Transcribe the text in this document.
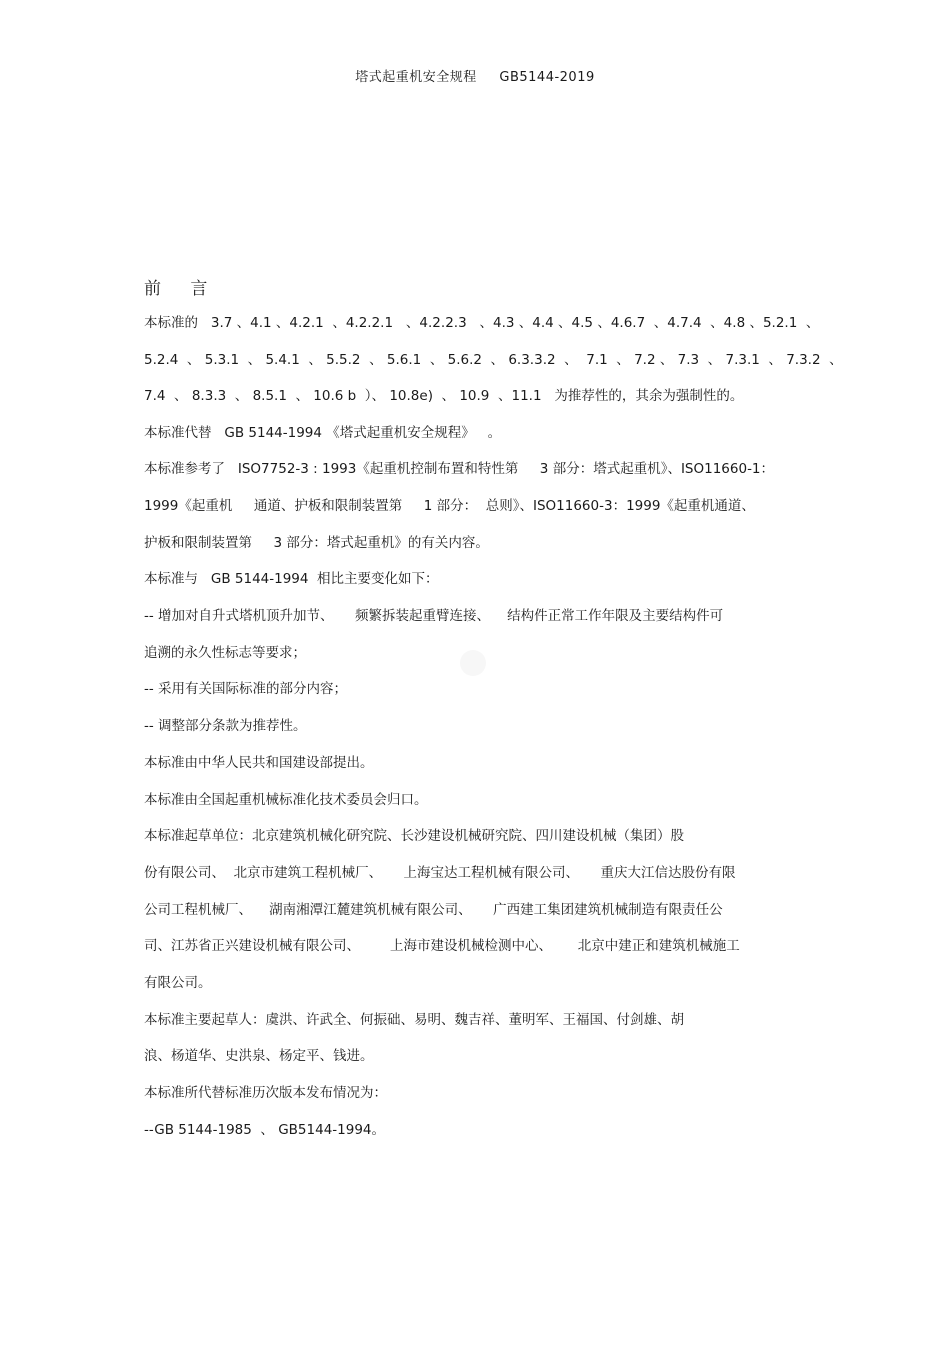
塔式起重机安全规程 GB5144-2019
前 言
本标准的   3.7 、4.1 、4.2.1  、4.2.2.1   、4.2.2.3   、4.3 、4.4 、4.5 、4.6.7  、4.7.4  、4.8 、5.2.1  、
5.2.4  、 5.3.1  、 5.4.1  、 5.5.2  、 5.6.1  、 5.6.2  、 6.3.3.2  、  7.1  、 7.2 、 7.3  、 7.3.1  、 7.3.2  、
7.4  、 8.3.3  、 8.5.1  、 10.6 b  ）、 10.8e)  、 10.9  、11.1   为推荐性的，其余为强制性的。
本标准代替   GB 5144-1994 《塔式起重机安全规程》   。
本标准参考了   ISO7752-3 : 1993《起重机控制布置和特性第     3 部分：塔式起重机》、ISO11660-1：
1999《起重机     通道、护板和限制装置第     1 部分：  总则》、ISO11660-3：1999《起重机通道、
护板和限制装置第     3 部分：塔式起重机》的有关内容。
本标准与   GB 5144-1994  相比主要变化如下：
-- 增加对自升式塔机顶升加节、     频繁拆装起重臂连接、    结构件正常工作年限及主要结构件可
追溯的永久性标志等要求；
-- 采用有关国际标准的部分内容；
-- 调整部分条款为推荐性。
本标准由中华人民共和国建设部提出。
本标准由全国起重机械标准化技术委员会归口。
本标准起草单位：北京建筑机械化研究院、长沙建设机械研究院、四川建设机械（集团）股
份有限公司、  北京市建筑工程机械厂、     上海宝达工程机械有限公司、     重庆大江信达股份有限
公司工程机械厂、    湖南湘潭江麓建筑机械有限公司、     广西建工集团建筑机械制造有限责任公
司、江苏省正兴建设机械有限公司、       上海市建设机械检测中心、      北京中建正和建筑机械施工
有限公司。
本标准主要起草人：虞洪、许武全、何振础、易明、魏吉祥、董明军、王福国、付剑雄、胡
浪、杨道华、史洪泉、杨定平、钱进。
本标准所代替标准历次版本发布情况为：
--GB 5144-1985  、 GB5144-1994。
